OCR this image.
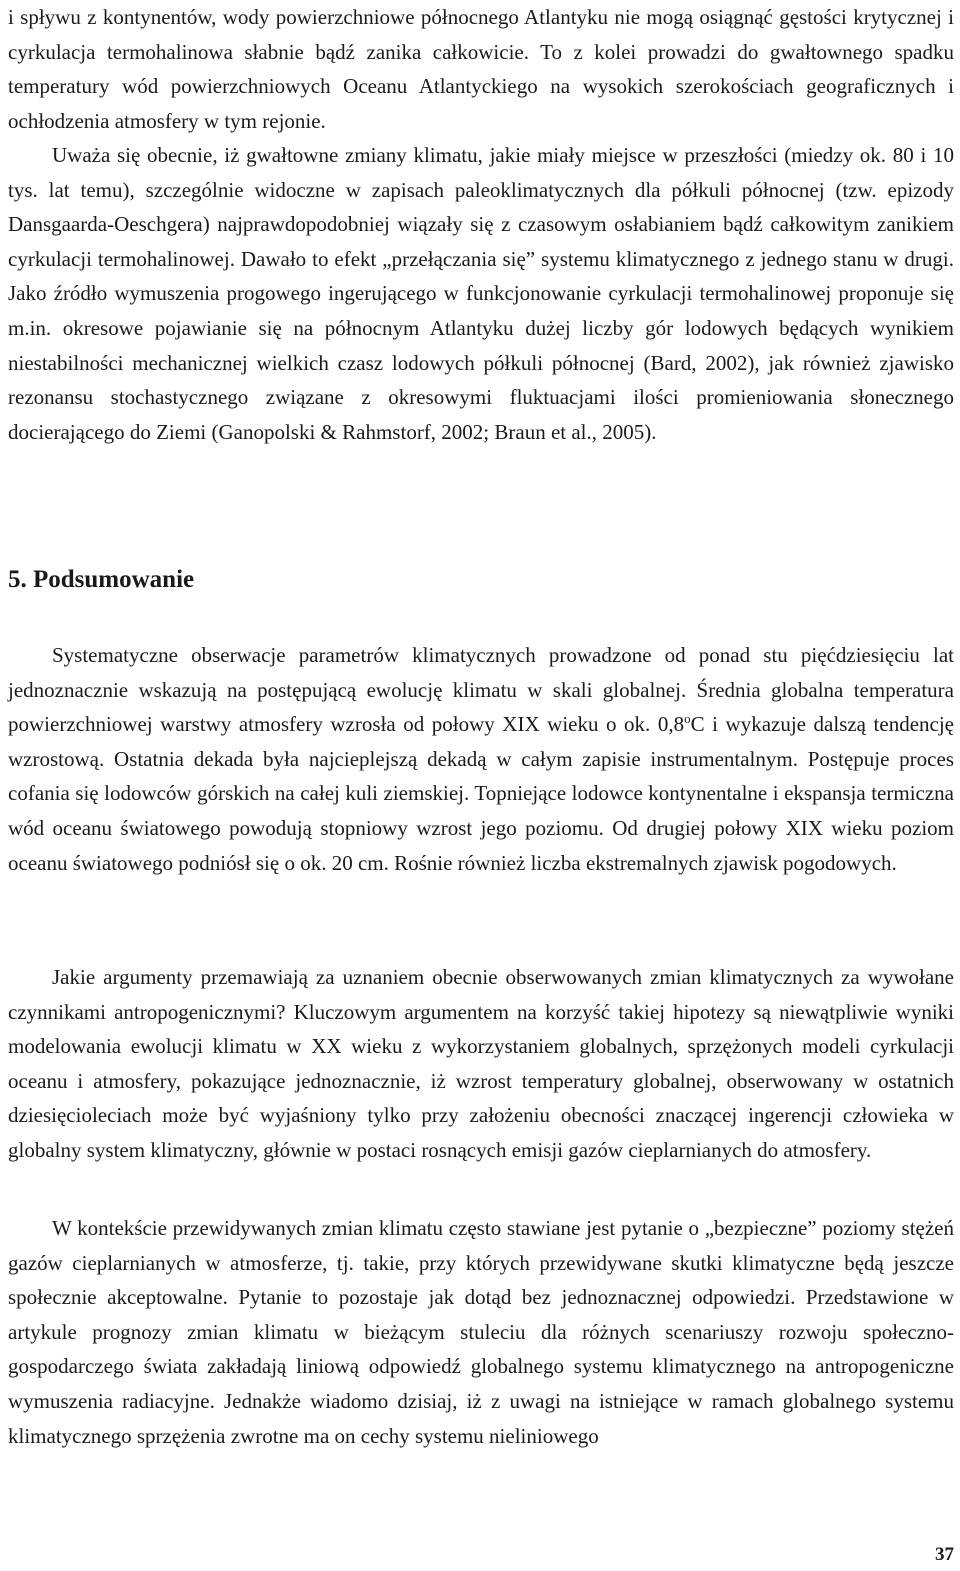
i spływu z kontynentów, wody powierzchniowe północnego Atlantyku nie mogą osiągnąć gęstości krytycznej i cyrkulacja termohalinowa słabnie bądź zanika całkowicie. To z kolei prowadzi do gwałtownego spadku temperatury wód powierzchniowych Oceanu Atlantyckiego na wysokich szerokościach geograficznych i ochłodzenia atmosfery w tym rejonie.

Uważa się obecnie, iż gwałtowne zmiany klimatu, jakie miały miejsce w przeszłości (miedzy ok. 80 i 10 tys. lat temu), szczególnie widoczne w zapisach paleoklimatycznych dla półkuli północnej (tzw. epizody Dansgaarda-Oeschgera) najprawdopodobniej wiązały się z czasowym osłabianiem bądź całkowitym zanikiem cyrkulacji termohalinowej. Dawało to efekt „przełączania się” systemu klimatycznego z jednego stanu w drugi. Jako źródło wymuszenia progowego ingerującego w funkcjonowanie cyrkulacji termohalinowej proponuje się m.in. okresowe pojawianie się na północnym Atlantyku dużej liczby gór lodowych będących wynikiem niestabilności mechanicznej wielkich czasz lodowych półkuli północnej (Bard, 2002), jak również zjawisko rezonansu stochastycznego związane z okresowymi fluktuacjami ilości promieniowania słonecznego docierającego do Ziemi (Ganopolski & Rahmstorf, 2002; Braun et al., 2005).

5. Podsumowanie

Systematyczne obserwacje parametrów klimatycznych prowadzone od ponad stu pięćdziesięciu lat jednoznacznie wskazują na postępującą ewolucję klimatu w skali globalnej. Średnia globalna temperatura powierzchniowej warstwy atmosfery wzrosła od połowy XIX wieku o ok. 0,8$^o$C i wykazuje dalszą tendencję wzrostową. Ostatnia dekada była najcieplejszą dekadą w całym zapisie instrumentalnym. Postępuje proces cofania się lodowców górskich na całej kuli ziemskiej. Topniejące lodowce kontynentalne i ekspansja termiczna wód oceanu światowego powodują stopniowy wzrost jego poziomu. Od drugiej połowy XIX wieku poziom oceanu światowego podniósł się o ok. 20 cm. Rośnie również liczba ekstremalnych zjawisk pogodowych.

Jakie argumenty przemawiają za uznaniem obecnie obserwowanych zmian klimatycznych za wywołane czynnikami antropogenicznymi? Kluczowym argumentem na korzyść takiej hipotezy są niewątpliwie wyniki modelowania ewolucji klimatu w XX wieku z wykorzystaniem globalnych, sprzężonych modeli cyrkulacji oceanu i atmosfery, pokazujące jednoznacznie, iż wzrost temperatury globalnej, obserwowany w ostatnich dziesięcioleciach może być wyjaśniony tylko przy założeniu obecności znaczącej ingerencji człowieka w globalny system klimatyczny, głównie w postaci rosnących emisji gazów cieplarnianych do atmosfery.

W kontekście przewidywanych zmian klimatu często stawiane jest pytanie o „bezpieczne” poziomy stężeń gazów cieplarnianych w atmosferze, tj. takie, przy których przewidywane skutki klimatyczne będą jeszcze społecznie akceptowalne. Pytanie to pozostaje jak dotąd bez jednoznacznej odpowiedzi. Przedstawione w artykule prognozy zmian klimatu w bieżącym stuleciu dla różnych scenariuszy rozwoju społeczno-gospodarczego świata zakładają liniową odpowiedź globalnego systemu klimatycznego na antropogeniczne wymuszenia radiacyjne. Jednakże wiadomo dzisiaj, iż z uwagi na istniejące w ramach globalnego systemu klimatycznego sprzężenia zwrotne ma on cechy systemu nieliniowego

37
